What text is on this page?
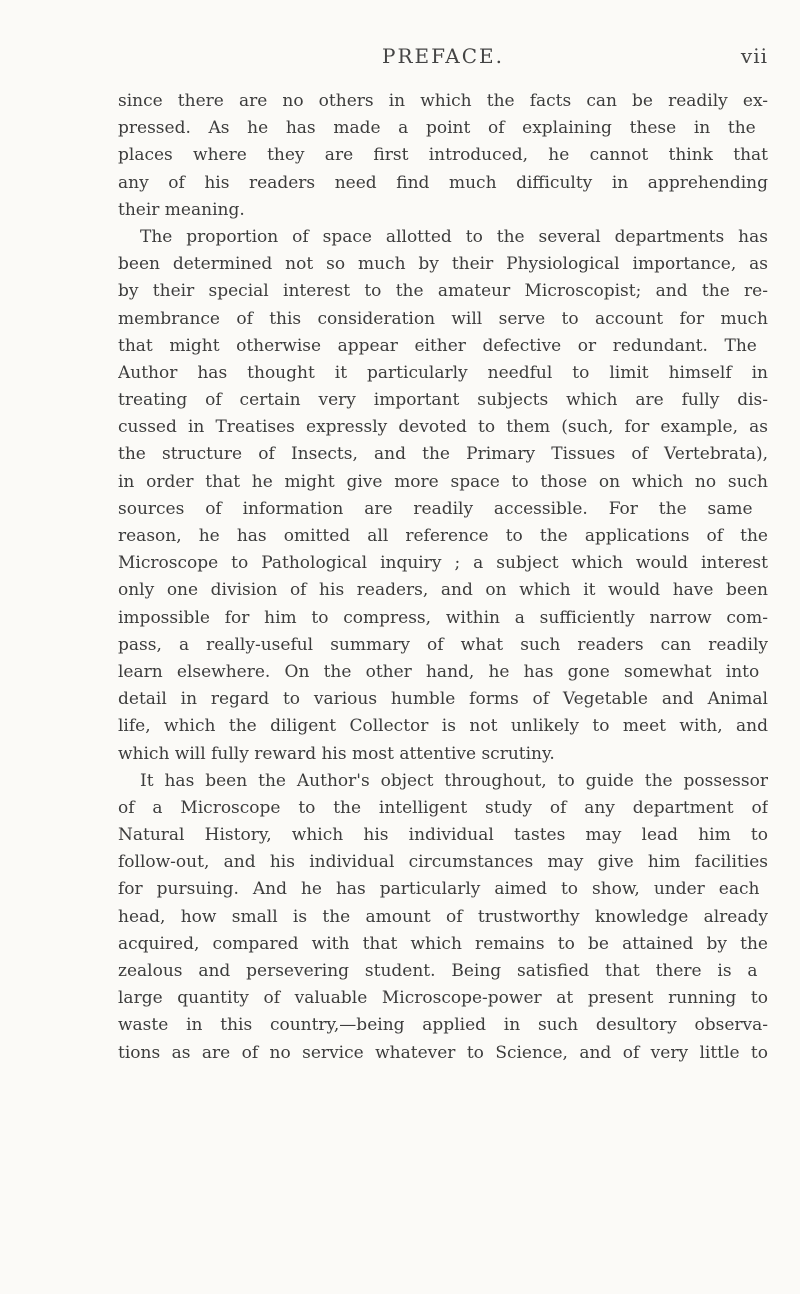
PREFACE.	vii
since there are no others in which the facts can be readily ex-
pressed. As he has made a point of explaining these in the
places where they are first introduced, he cannot think that
any of his readers need find much difficulty in apprehending
their meaning.
The proportion of space allotted to the several departments has
been determined not so much by their Physiological importance, as
by their special interest to the amateur Microscopist; and the re-
membrance of this consideration will serve to account for much
that might otherwise appear either defective or redundant. The
Author has thought it particularly needful to limit himself in
treating of certain very important subjects which are fully dis-
cussed in Treatises expressly devoted to them (such, for example, as
the structure of Insects, and the Primary Tissues of Vertebrata),
in order that he might give more space to those on which no such
sources of information are readily accessible. For the same
reason, he has omitted all reference to the applications of the
Microscope to Pathological inquiry ; a subject which would interest
only one division of his readers, and on which it would have been
impossible for him to compress, within a sufficiently narrow com-
pass, a really-useful summary of what such readers can readily
learn elsewhere. On the other hand, he has gone somewhat into
detail in regard to various humble forms of Vegetable and Animal
life, which the diligent Collector is not unlikely to meet with, and
which will fully reward his most attentive scrutiny.
It has been the Author's object throughout, to guide the possessor
of a Microscope to the intelligent study of any department of
Natural History, which his individual tastes may lead him to
follow-out, and his individual circumstances may give him facilities
for pursuing. And he has particularly aimed to show, under each
head, how small is the amount of trustworthy knowledge already
acquired, compared with that which remains to be attained by the
zealous and persevering student. Being satisfied that there is a
large quantity of valuable Microscope-power at present running to
waste in this country,—being applied in such desultory observa-
tions as are of no service whatever to Science, and of very little to
